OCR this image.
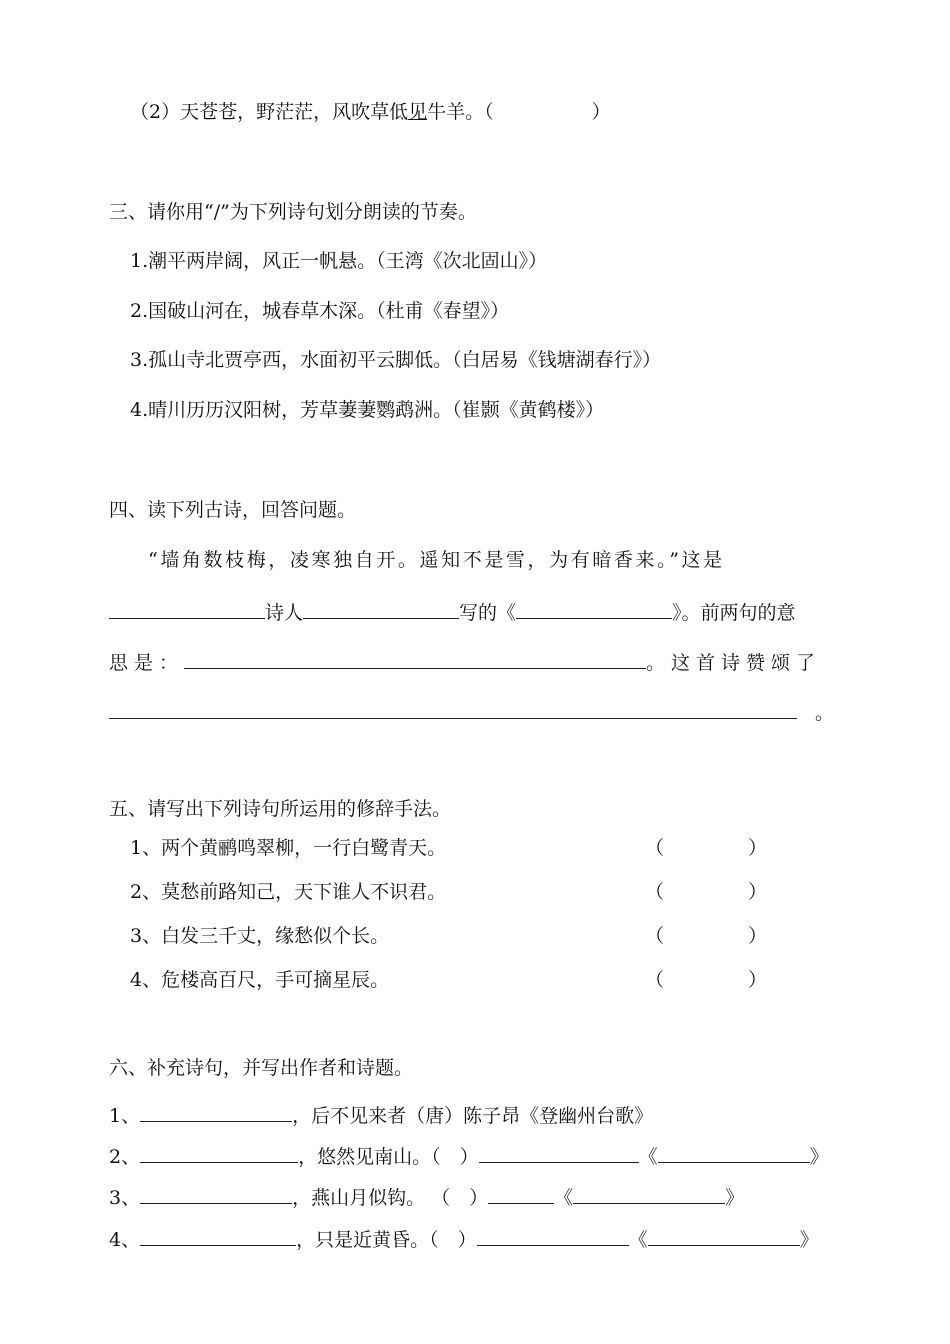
（2）天苍苍，野茫茫，风吹草低见牛羊。（	）
三、请你用“/”为下列诗句划分朗读的节奏。
1.潮平两岸阔，风正一帆悬。（王湾《次北固山》）
2.国破山河在，城春草木深。（杜甫《春望》）
3.孤山寺北贾亭西，水面初平云脚低。（白居易《钱塘湖春行》）
4.晴川历历汉阳树，芳草萋萋鹦鹉洲。（崔颢《黄鹤楼》）
四、读下列古诗，回答问题。
“墙角数枝梅，凌寒独自开。遥知不是雪，为有暗香来。”这是
诗人	写的《	》。前两句的意
思是：	。这首诗赞颂了
。
五、请写出下列诗句所运用的修辞手法。
1、两个黄鹂鸣翠柳，一行白鹭青天。	（	）
2、莫愁前路知己，天下谁人不识君。	（	）
3、白发三千丈，缘愁似个长。	（	）
4、危楼高百尺，手可摘星辰。	（	）
六、补充诗句，并写出作者和诗题。
1、	，后不见来者（唐）陈子昂《登幽州台歌》
2、	，悠然见南山。（　）	《	》
3、	，燕山月似钩。 （　）	《	》
4、	，只是近黄昏。（　）	《	》
